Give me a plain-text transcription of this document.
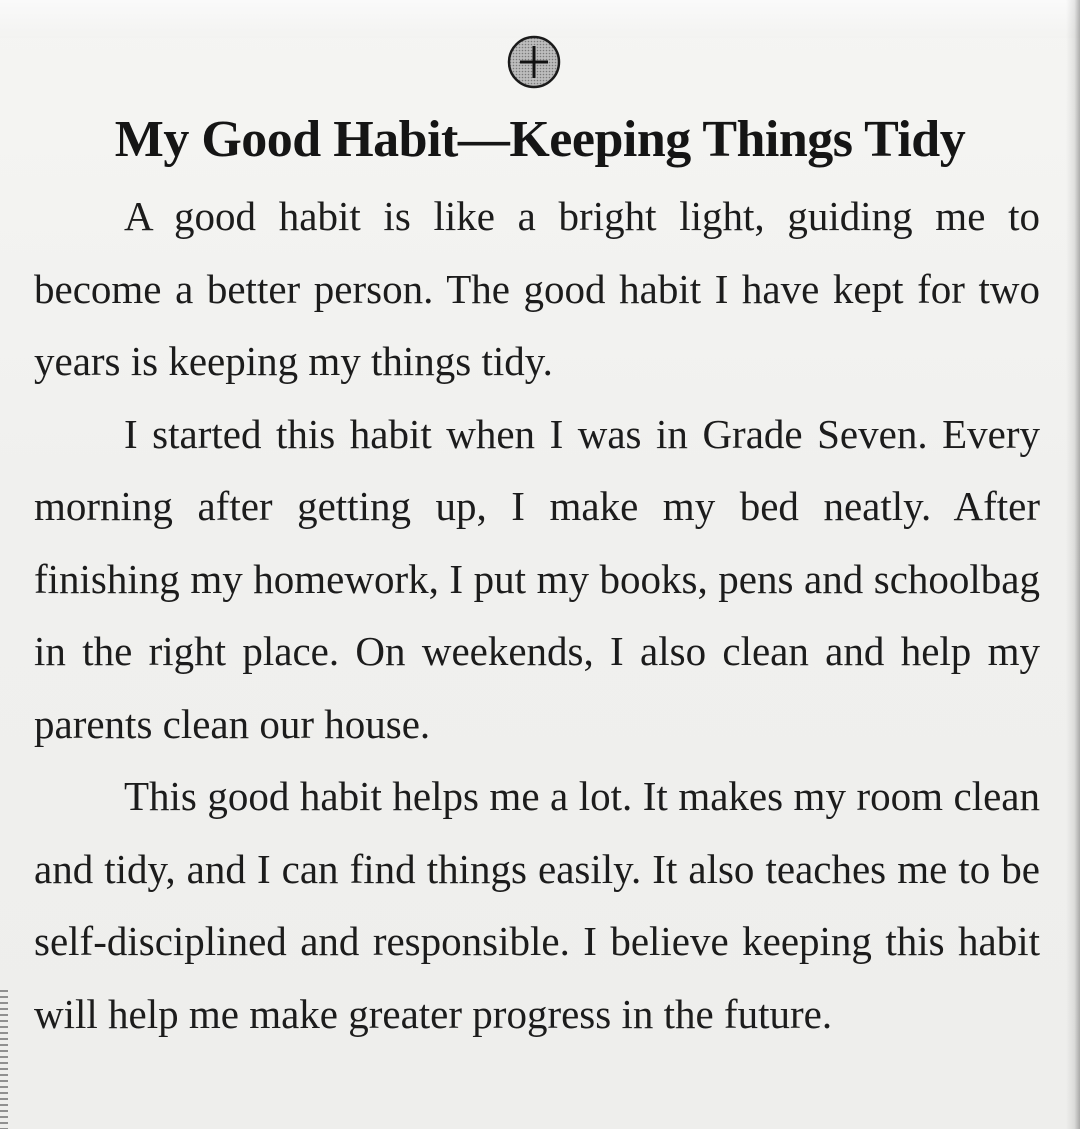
My Good Habit—Keeping Things Tidy

A good habit is like a bright light, guiding me to become a better person. The good habit I have kept for two years is keeping my things tidy.

I started this habit when I was in Grade Seven. Every morning after getting up, I make my bed neatly. After finishing my homework, I put my books, pens and schoolbag in the right place. On weekends, I also clean and help my parents clean our house.

This good habit helps me a lot. It makes my room clean and tidy, and I can find things easily. It also teaches me to be self-disciplined and responsible. I believe keeping this habit will help me make greater progress in the future.
